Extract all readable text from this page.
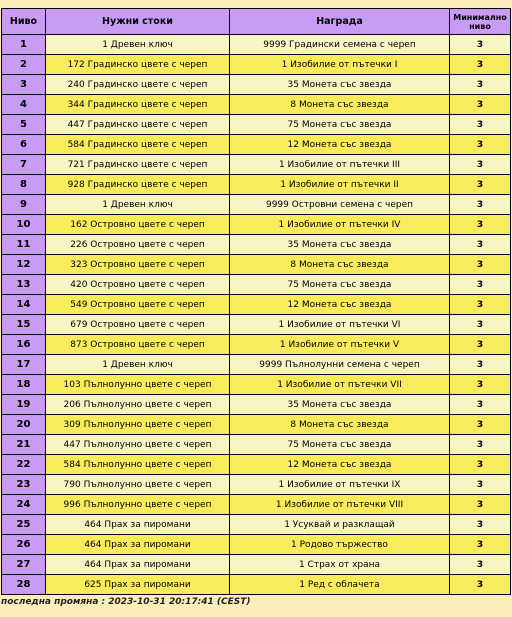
Ниво	Нужни стоки	Награда	Минимално ниво
1	1 Древен ключ	9999 Градински семена с череп	3
2	172 Градинско цвете с череп	1 Изобилие от пътечки I	3
3	240 Градинско цвете с череп	35 Монета със звезда	3
4	344 Градинско цвете с череп	8 Монета със звезда	3
5	447 Градинско цвете с череп	75 Монета със звезда	3
6	584 Градинско цвете с череп	12 Монета със звезда	3
7	721 Градинско цвете с череп	1 Изобилие от пътечки III	3
8	928 Градинско цвете с череп	1 Изобилие от пътечки II	3
9	1 Древен ключ	9999 Островни семена с череп	3
10	162 Островно цвете с череп	1 Изобилие от пътечки IV	3
11	226 Островно цвете с череп	35 Монета със звезда	3
12	323 Островно цвете с череп	8 Монета със звезда	3
13	420 Островно цвете с череп	75 Монета със звезда	3
14	549 Островно цвете с череп	12 Монета със звезда	3
15	679 Островно цвете с череп	1 Изобилие от пътечки VI	3
16	873 Островно цвете с череп	1 Изобилие от пътечки V	3
17	1 Древен ключ	9999 Пълнолунни семена с череп	3
18	103 Пълнолунно цвете с череп	1 Изобилие от пътечки VII	3
19	206 Пълнолунно цвете с череп	35 Монета със звезда	3
20	309 Пълнолунно цвете с череп	8 Монета със звезда	3
21	447 Пълнолунно цвете с череп	75 Монета със звезда	3
22	584 Пълнолунно цвете с череп	12 Монета със звезда	3
23	790 Пълнолунно цвете с череп	1 Изобилие от пътечки IX	3
24	996 Пълнолунно цвете с череп	1 Изобилие от пътечки VIII	3
25	464 Прах за пиромани	1 Усуквай и разклащай	3
26	464 Прах за пиромани	1 Родово тържество	3
27	464 Прах за пиромани	1 Страх от храна	3
28	625 Прах за пиромани	1 Ред с облачета	3
последна промяна : 2023-10-31 20:17:41 (CEST)
